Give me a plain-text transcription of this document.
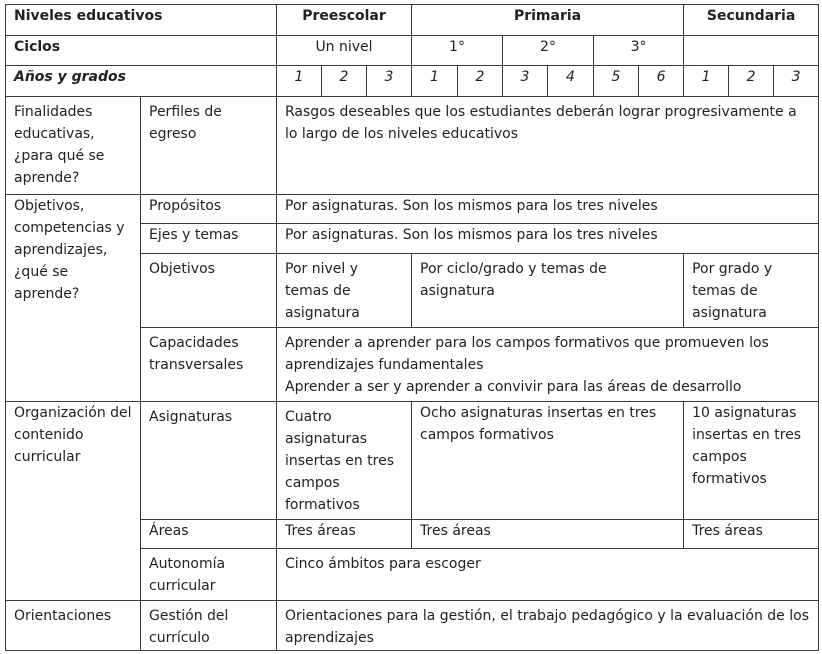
Niveles educativos		Preescolar			Primaria						Secundaria		
Ciclos		Un nivel			1°		2°		3°				
Años y grados		1	2	3	1	2	3	4	5	6	1	2	3

Finalidades educativas, ¿para qué se aprende?	Perfiles de egreso	Rasgos deseables que los estudiantes deberán lograr progresivamente a lo largo de los niveles educativos											

Objetivos, competencias y aprendizajes, ¿qué se aprende?	Propósitos	Por asignaturas. Son los mismos para los tres niveles											
	Ejes y temas	Por asignaturas. Son los mismos para los tres niveles											

	Objetivos	Por nivel y temas de asignatura			Por ciclo/grado y temas de asignatura						Por grado y temas de asignatura		

	Capacidades transversales	Aprender a aprender para los campos formativos que promueven los aprendizajes fundamentales
Aprender a ser y aprender a convivir para las áreas de desarrollo											

Organización del contenido curricular	Asignaturas	Cuatro asignaturas insertas en tres campos formativos			Ocho asignaturas insertas en tres campos formativos						10 asignaturas insertas en tres campos formativos		
	Áreas	Tres áreas			Tres áreas						Tres áreas		

	Autonomía curricular	Cinco ámbitos para escoger											

Orientaciones	Gestión del currículo	Orientaciones para la gestión, el trabajo pedagógico y la evaluación de los aprendizajes											
